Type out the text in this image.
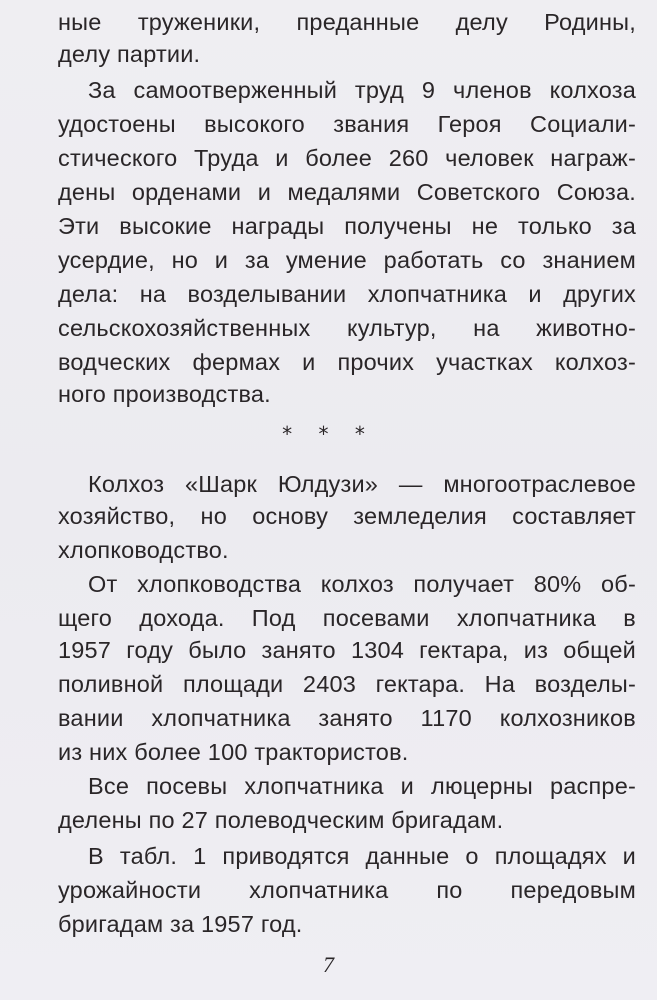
ные труженики, преданные делу Родины,
делу партии.
За самоотверженный труд 9 членов колхоза
удостоены высокого звания Героя Социали-
стического Труда и более 260 человек награж-
дены орденами и медалями Советского Союза.
Эти высокие награды получены не только за
усердие, но и за умение работать со знанием
дела: на возделывании хлопчатника и других
сельскохозяйственных культур, на животно-
водческих фермах и прочих участках колхоз-
ного производства.
* * *
Колхоз «Шарк Юлдузи» — многоотраслевое
хозяйство, но основу земледелия составляет
хлопководство.
От хлопководства колхоз получает 80% об-
щего дохода. Под посевами хлопчатника в
1957 году было занято 1304 гектара, из общей
поливной площади 2403 гектара. На возделы-
вании хлопчатника занято 1170 колхозников
из них более 100 трактористов.
Все посевы хлопчатника и люцерны распре-
делены по 27 полеводческим бригадам.
В табл. 1 приводятся данные о площадях и
урожайности хлопчатника по передовым
бригадам за 1957 год.
7
